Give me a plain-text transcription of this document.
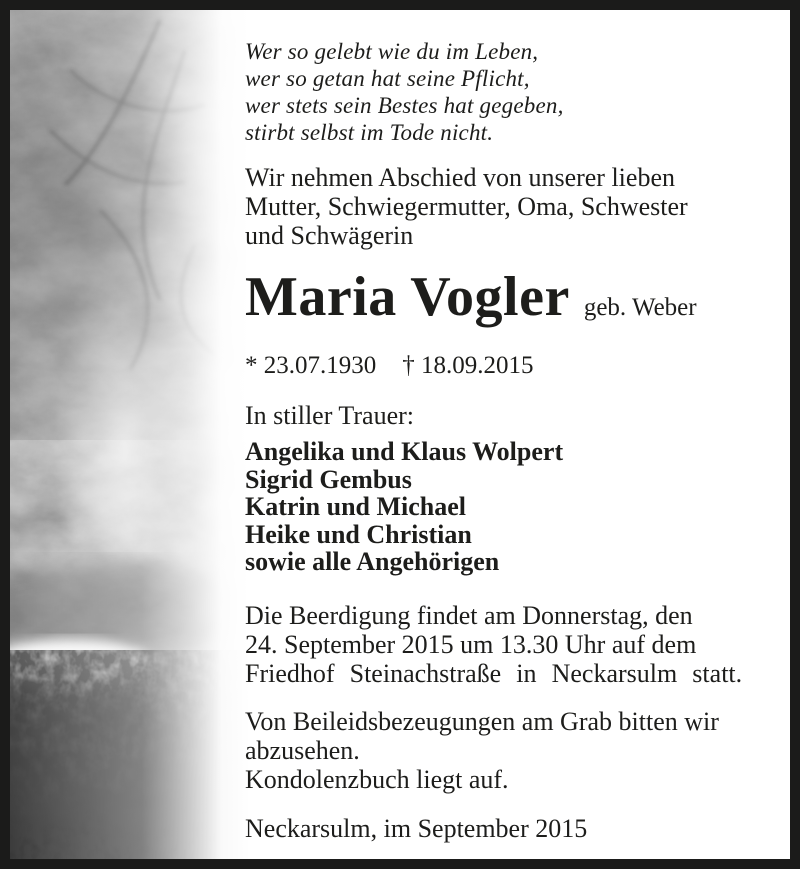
Wer so gelebt wie du im Leben,
wer so getan hat seine Pflicht,
wer stets sein Bestes hat gegeben,
stirbt selbst im Tode nicht.
Wir nehmen Abschied von unserer lieben
Mutter, Schwiegermutter, Oma, Schwester
und Schwägerin
Maria Vogler geb. Weber
* 23.07.1930 † 18.09.2015
In stiller Trauer:
Angelika und Klaus Wolpert
Sigrid Gembus
Katrin und Michael
Heike und Christian
sowie alle Angehörigen
Die Beerdigung findet am Donnerstag, den
24. September 2015 um 13.30 Uhr auf dem
Friedhof Steinachstraße in Neckarsulm statt.
Von Beileidsbezeugungen am Grab bitten wir
abzusehen.
Kondolenzbuch liegt auf.
Neckarsulm, im September 2015
